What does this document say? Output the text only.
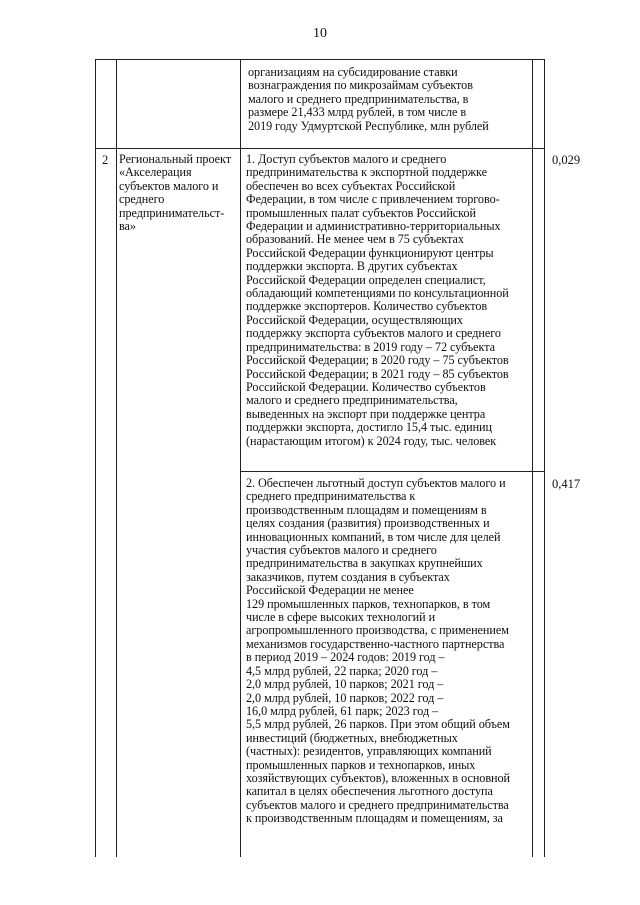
10
организациям на субсидирование ставки
вознаграждения по микрозаймам субъектов
малого и среднего предпринимательства, в
размере 21,433 млрд рублей, в том числе в
2019 году Удмуртской Республике, млн рублей
2 Региональный проект
«Акселерация
субъектов малого и
среднего
предпринимательст-
ва»
1. Доступ субъектов малого и среднего
предпринимательства к экспортной поддержке
обеспечен во всех субъектах Российской
Федерации, в том числе с привлечением торгово-
промышленных палат субъектов Российской
Федерации и административно-территориальных
образований. Не менее чем в 75 субъектах
Российской Федерации функционируют центры
поддержки экспорта. В других субъектах
Российской Федерации определен специалист,
обладающий компетенциями по консультационной
поддержке экспортеров. Количество субъектов
Российской Федерации, осуществляющих
поддержку экспорта субъектов малого и среднего
предпринимательства: в 2019 году – 72 субъекта
Российской Федерации; в 2020 году – 75 субъектов
Российской Федерации; в 2021 году – 85 субъектов
Российской Федерации. Количество субъектов
малого и среднего предпринимательства,
выведенных на экспорт при поддержке центра
поддержки экспорта, достигло 15,4 тыс. единиц
(нарастающим итогом) к 2024 году, тыс. человек
0,029
2. Обеспечен льготный доступ субъектов малого и
среднего предпринимательства к
производственным площадям и помещениям в
целях создания (развития) производственных и
инновационных компаний, в том числе для целей
участия субъектов малого и среднего
предпринимательства в закупках крупнейших
заказчиков, путем создания в субъектах
Российской Федерации не менее
129 промышленных парков, технопарков, в том
числе в сфере высоких технологий и
агропромышленного производства, с применением
механизмов государственно-частного партнерства
в период 2019 – 2024 годов: 2019 год –
4,5 млрд рублей, 22 парка; 2020 год –
2,0 млрд рублей, 10 парков; 2021 год –
2,0 млрд рублей, 10 парков; 2022 год –
16,0 млрд рублей, 61 парк; 2023 год –
5,5 млрд рублей, 26 парков. При этом общий объем
инвестиций (бюджетных, внебюджетных
(частных): резидентов, управляющих компаний
промышленных парков и технопарков, иных
хозяйствующих субъектов), вложенных в основной
капитал в целях обеспечения льготного доступа
субъектов малого и среднего предпринимательства
к производственным площадям и помещениям, за
0,417
